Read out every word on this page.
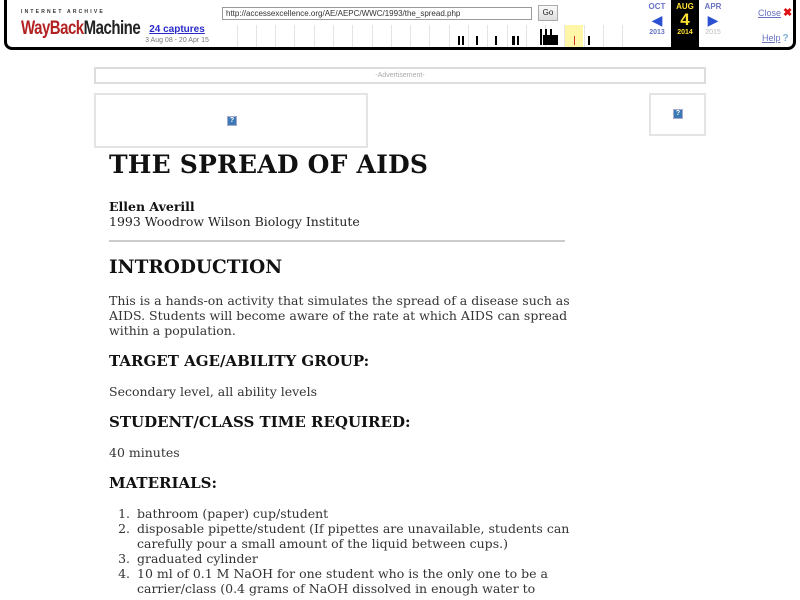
INTERNET ARCHIVE
WayBackMachine 24 captures
3 Aug 08 - 20 Apr 15
http://accessexcellence.org/AE/AEPC/WWC/1993/the_spread.php
Go
OCT
◀
2013
AUG
4
2014
APR
▶
2015
Close ✖
Help ?
-Advertisement-
?
?
THE SPREAD OF AIDS
Ellen Averill
1993 Woodrow Wilson Biology Institute
INTRODUCTION

This is a hands-on activity that simulates the spread of a disease such as AIDS. Students will become aware of the rate at which AIDS can spread within a population.

TARGET AGE/ABILITY GROUP:

Secondary level, all ability levels

STUDENT/CLASS TIME REQUIRED:

40 minutes

MATERIALS:
1. bathroom (paper) cup/student
2. disposable pipette/student (If pipettes are unavailable, students can carefully pour a small amount of the liquid between cups.)
3. graduated cylinder
4. 10 ml of 0.1 M NaOH for one student who is the only one to be a carrier/class (0.4 grams of NaOH dissolved in enough water to
